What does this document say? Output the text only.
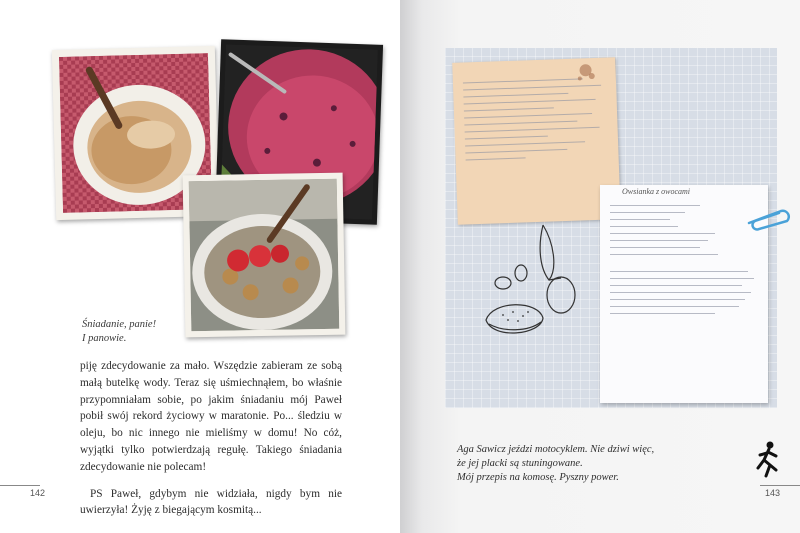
Śniadanie, panie!
I panowie.

piję zdecydowanie za mało. Wszędzie zabieram ze sobą małą butelkę wody. Teraz się uśmiechnąłem, bo właśnie przypomniałam sobie, po jakim śniadaniu mój Paweł pobił swój rekord życiowy w maratonie. Po... śledziu w oleju, bo nic innego nie mieliśmy w domu! No cóż, wyjątki tylko potwierdzają regułę. Takiego śniadania zdecydowanie nie polecam!

PS Paweł, gdybym nie widziała, nigdy bym nie uwierzyła! Żyję z biegającym kosmitą...

142
Owsianka z owocami
Aga Sawicz jeździ motocyklem. Nie dziwi więc,
że jej placki są stuningowane.
Mój przepis na komosę. Pyszny power.
143
